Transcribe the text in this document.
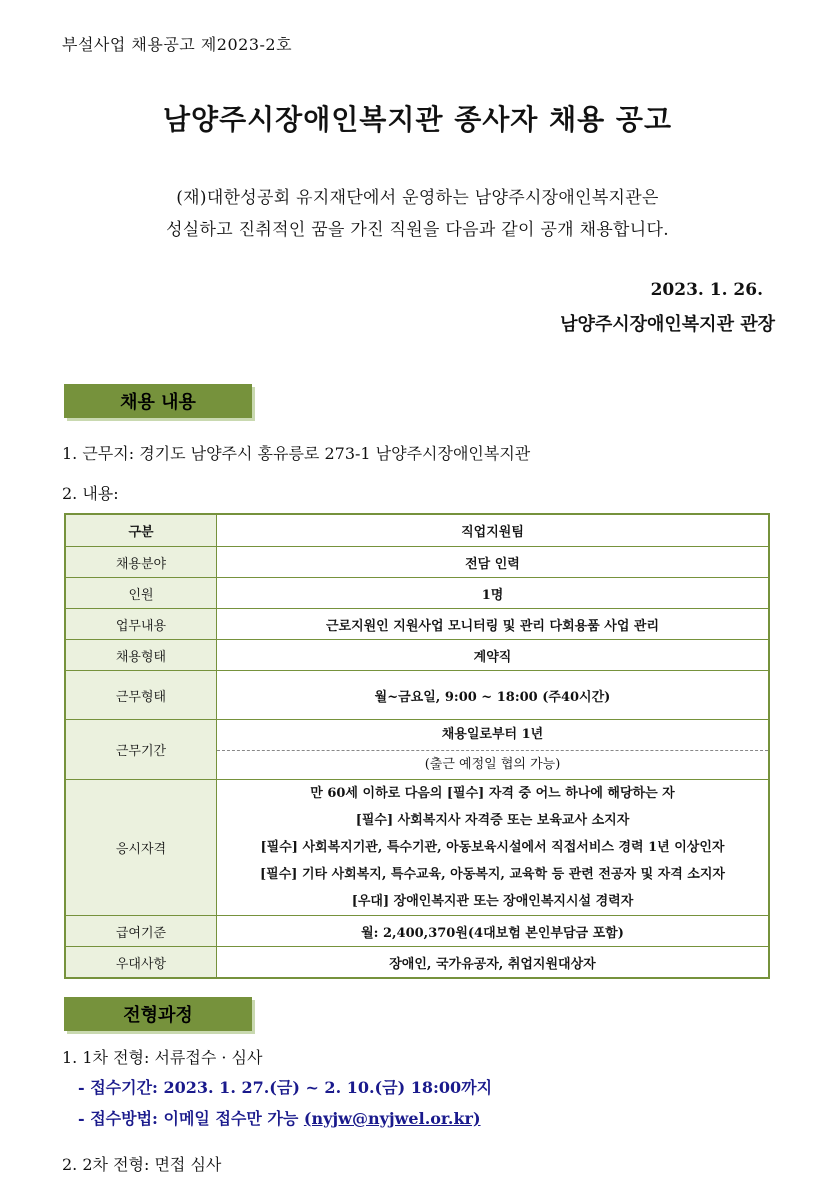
부설사업 채용공고 제2023-2호
남양주시장애인복지관 종사자 채용 공고
(재)대한성공회 유지재단에서 운영하는 남양주시장애인복지관은
성실하고 진취적인 꿈을 가진 직원을 다음과 같이 공개 채용합니다.
2023. 1. 26.
남양주시장애인복지관 관장
채용 내용
1. 근무지: 경기도 남양주시 홍유릉로 273-1 남양주시장애인복지관
2. 내용:
구분	직업지원팀
채용분야	전담 인력
인원	1명
업무내용	근로지원인 지원사업 모니터링 및 관리 다회용품 사업 관리
채용형태	계약직
근무형태	월~금요일, 9:00 ~ 18:00 (주40시간)
근무기간	채용일로부터 1년
(출근 예정일 협의 가능)

응시자격	만 60세 이하로 다음의 [필수] 자격 중 어느 하나에 해당하는 자
[필수] 사회복지사 자격증 또는 보육교사 소지자
[필수] 사회복지기관, 특수기관, 아동보육시설에서 직접서비스 경력 1년 이상인자
[필수] 기타 사회복지, 특수교육, 아동복지, 교육학 등 관련 전공자 및 자격 소지자
[우대] 장애인복지관 또는 장애인복지시설 경력자

급여기준	월: 2,400,370원(4대보험 본인부담금 포함)
우대사항	장애인, 국가유공자, 취업지원대상자
전형과정
1. 1차 전형: 서류접수 · 심사
- 접수기간: 2023. 1. 27.(금) ~ 2. 10.(금) 18:00까지
- 접수방법: 이메일 접수만 가능 (nyjw@nyjwel.or.kr)
2. 2차 전형: 면접 심사
